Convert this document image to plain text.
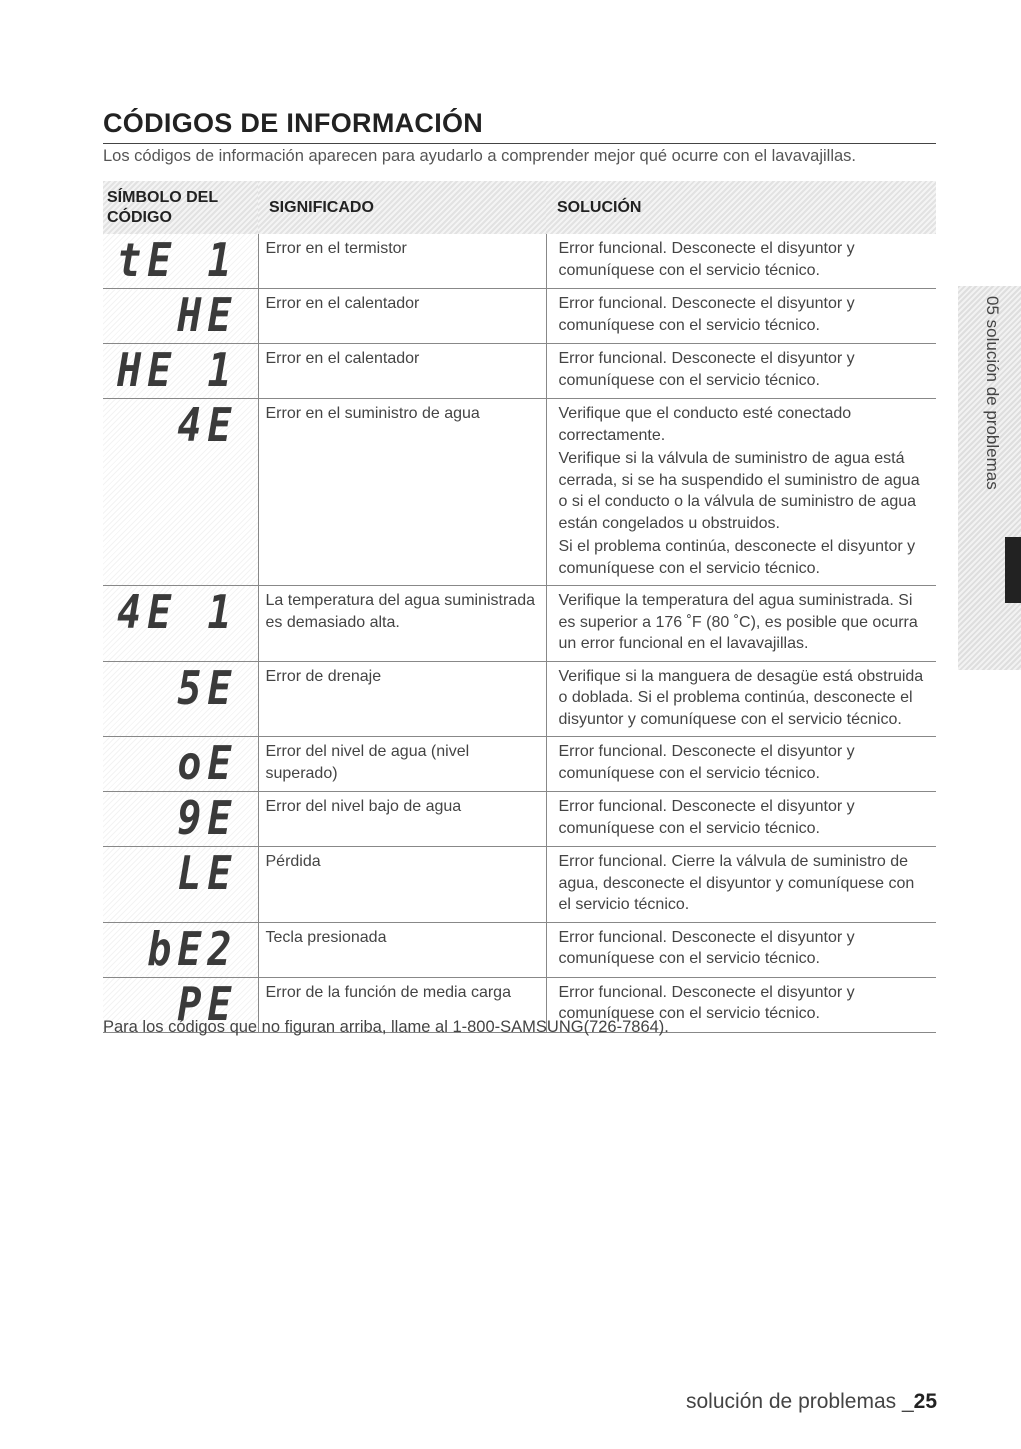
CÓDIGOS DE INFORMACIÓN

Los códigos de información aparecen para ayudarlo a comprender mejor qué ocurre con el lavavajillas.

SÍMBOLO DEL CÓDIGO	SIGNIFICADO	SOLUCIÓN
tE 1	Error en el termistor	Error funcional. Desconecte el disyuntor y comuníquese con el servicio técnico.

HE	Error en el calentador	Error funcional. Desconecte el disyuntor y comuníquese con el servicio técnico.

HE 1	Error en el calentador	Error funcional. Desconecte el disyuntor y comuníquese con el servicio técnico.

4E	Error en el suministro de agua	Verifique que el conducto esté conectado correctamente.

Verifique si la válvula de suministro de agua está cerrada, si se ha suspendido el suministro de agua o si el conducto o la válvula de suministro de agua están congelados u obstruidos.

Si el problema continúa, desconecte el disyuntor y comuníquese con el servicio técnico.

4E 1	La temperatura del agua suministrada es demasiado alta.	Verifique la temperatura del agua suministrada. Si es superior a 176 ˚F (80 ˚C), es posible que ocurra un error funcional en el lavavajillas.

5E	Error de drenaje	Verifique si la manguera de desagüe está obstruida o doblada. Si el problema continúa, desconecte el disyuntor y comuníquese con el servicio técnico.

oE	Error del nivel de agua (nivel superado)	Error funcional. Desconecte el disyuntor y comuníquese con el servicio técnico.

9E	Error del nivel bajo de agua	Error funcional. Desconecte el disyuntor y comuníquese con el servicio técnico.

LE	Pérdida	Error funcional. Cierre la válvula de suministro de agua, desconecte el disyuntor y comuníquese con el servicio técnico.

bE2	Tecla presionada	Error funcional. Desconecte el disyuntor y comuníquese con el servicio técnico.

PE	Error de la función de media carga	Error funcional. Desconecte el disyuntor y comuníquese con el servicio técnico.

Para los códigos que no figuran arriba, llame al 1-800-SAMSUNG(726-7864).

05 solución de problemas

solución de problemas _25
